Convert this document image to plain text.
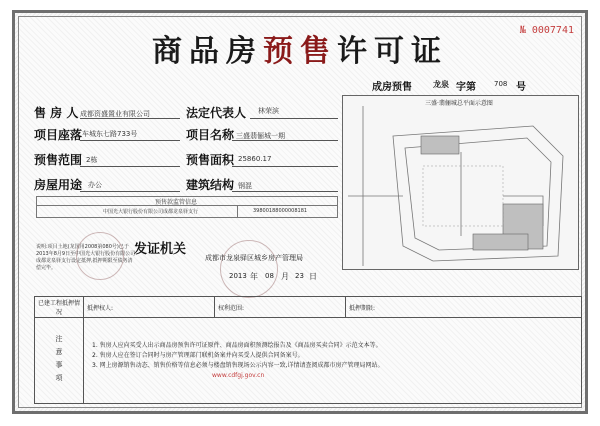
№ 0007741
商品房预售许可证
成房预售	龙泉 字第	708 号
售 房 人 成都资盛置业有限公司	法定代表人 林荣滨
项目座落 车城东七路733号	项目名称 三盛翡俪城一期
预售范围 2栋	预售面积 25860.17
房屋用途 办公	建筑结构 钢混
预售款监管信息
中国光大银行股份有限公司成都龙泉驿支行	39800188000008181
说明:项目土地(龙国用2008第080号)已于2013年8月9日至中国光大银行股份有限公司成都龙泉驿支行设定抵押,抵押期限至债务清偿完毕。
发证机关
成都市龙泉驿区城乡房产管理局
2013 年 08 月 23 日
三盛·翡俪城总平面示意图
已建工程抵押情况	抵押权人:	权利范围:	抵押期限:
注意事项	1. 售房人应向买受人出示商品房预售许可证原件、商品房面积预测绘报告及《商品房买卖合同》示范文本等。
2. 售房人应在签订合同时与房产管理部门联机备案并向买受人提供合同备案号。
3. 网上房源销售动态、销售价格等信息必须与楼盘销售现场公示内容一致,详情请查阅成都市房产管理局网站。
www.cdfgj.gov.cn		
